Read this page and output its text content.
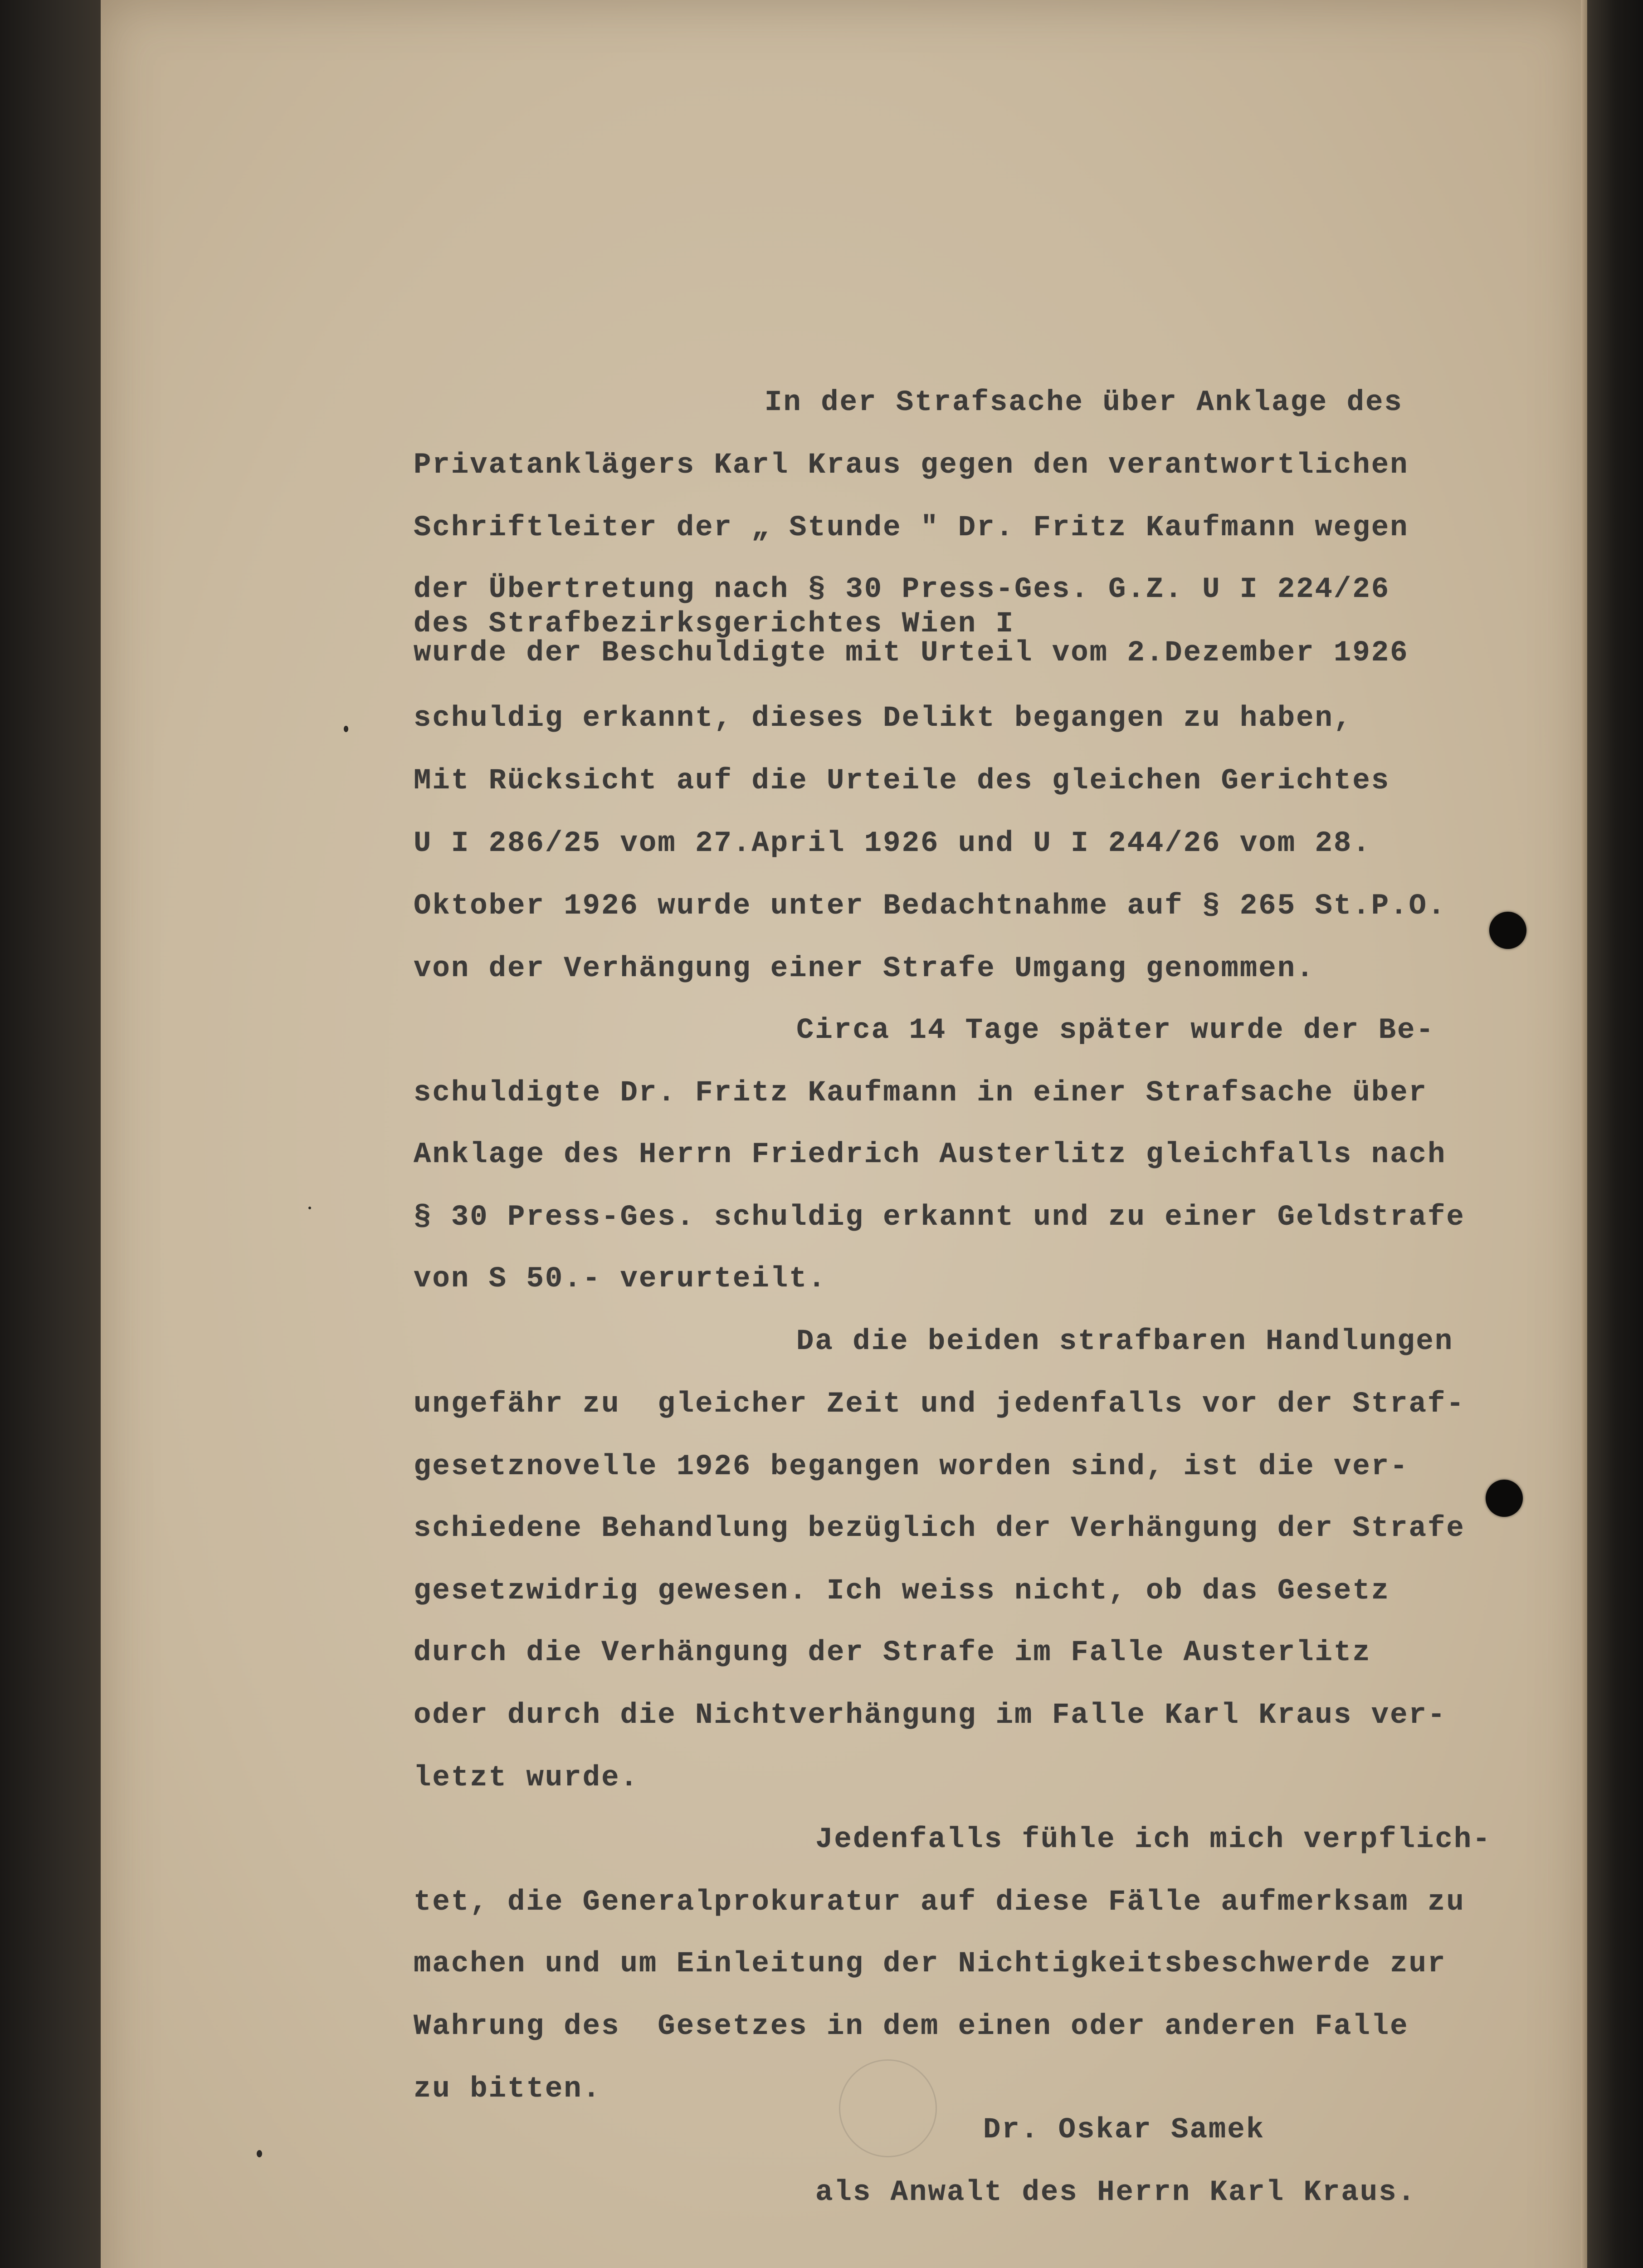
In der Strafsache über Anklage des
Privatanklägers Karl Kraus gegen den verantwortlichen
Schriftleiter der „ Stunde " Dr. Fritz Kaufmann wegen
der Übertretung nach § 30 Press-Ges. G.Z. U I 224/26
des Strafbezirksgerichtes Wien I
wurde der Beschuldigte mit Urteil vom 2.Dezember 1926
schuldig erkannt, dieses Delikt begangen zu haben,
Mit Rücksicht auf die Urteile des gleichen Gerichtes
U I 286/25 vom 27.April 1926 und U I 244/26 vom 28.
Oktober 1926 wurde unter Bedachtnahme auf § 265 St.P.O.
von der Verhängung einer Strafe Umgang genommen.
Circa 14 Tage später wurde der Be-
schuldigte Dr. Fritz Kaufmann in einer Strafsache über
Anklage des Herrn Friedrich Austerlitz gleichfalls nach
§ 30 Press-Ges. schuldig erkannt und zu einer Geldstrafe
von S 50.- verurteilt.
Da die beiden strafbaren Handlungen
ungefähr zu  gleicher Zeit und jedenfalls vor der Straf-
gesetznovelle 1926 begangen worden sind, ist die ver-
schiedene Behandlung bezüglich der Verhängung der Strafe
gesetzwidrig gewesen. Ich weiss nicht, ob das Gesetz
durch die Verhängung der Strafe im Falle Austerlitz
oder durch die Nichtverhängung im Falle Karl Kraus ver-
letzt wurde.
Jedenfalls fühle ich mich verpflich-
tet, die Generalprokuratur auf diese Fälle aufmerksam zu
machen und um Einleitung der Nichtigkeitsbeschwerde zur
Wahrung des  Gesetzes in dem einen oder anderen Falle
zu bitten.
Dr. Oskar Samek
als Anwalt des Herrn Karl Kraus.
